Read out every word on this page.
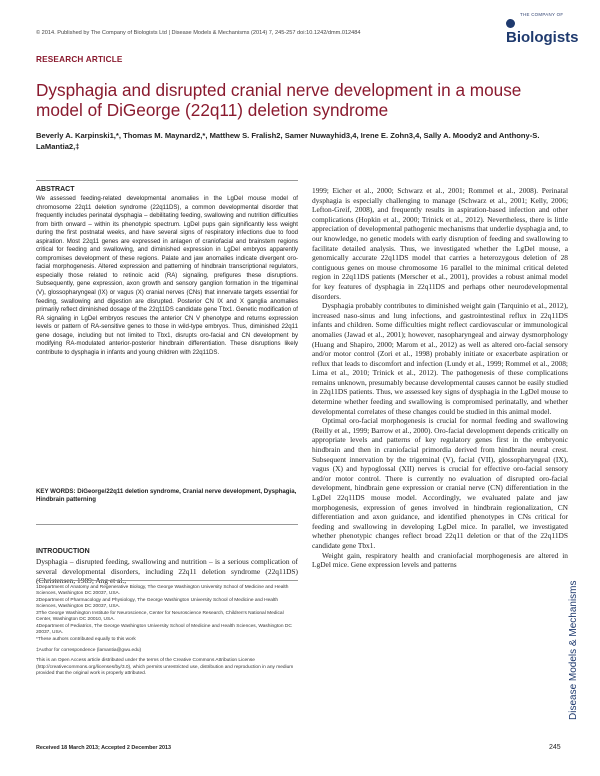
© 2014. Published by The Company of Biologists Ltd | Disease Models & Mechanisms (2014) 7, 245-257 doi:10.1242/dmm.012484
THE COMPANY OF
Biologists
RESEARCH ARTICLE
Dysphagia and disrupted cranial nerve development in a mouse model of DiGeorge (22q11) deletion syndrome
Beverly A. Karpinski1,*, Thomas M. Maynard2,*, Matthew S. Fralish2, Samer Nuwayhid3,4, Irene E. Zohn3,4, Sally A. Moody2 and Anthony-S. LaMantia2,‡
ABSTRACT
We assessed feeding-related developmental anomalies in the LgDel mouse model of chromosome 22q11 deletion syndrome (22q11DS), a common developmental disorder that frequently includes perinatal dysphagia – debilitating feeding, swallowing and nutrition difficulties from birth onward – within its phenotypic spectrum. LgDel pups gain significantly less weight during the first postnatal weeks, and have several signs of respiratory infections due to food aspiration. Most 22q11 genes are expressed in anlagen of craniofacial and brainstem regions critical for feeding and swallowing, and diminished expression in LgDel embryos apparently compromises development of these regions. Palate and jaw anomalies indicate divergent oro-facial morphogenesis. Altered expression and patterning of hindbrain transcriptional regulators, especially those related to retinoic acid (RA) signaling, prefigures these disruptions. Subsequently, gene expression, axon growth and sensory ganglion formation in the trigeminal (V), glossopharyngeal (IX) or vagus (X) cranial nerves (CNs) that innervate targets essential for feeding, swallowing and digestion are disrupted. Posterior CN IX and X ganglia anomalies primarily reflect diminished dosage of the 22q11DS candidate gene Tbx1. Genetic modification of RA signaling in LgDel embryos rescues the anterior CN V phenotype and returns expression levels or pattern of RA-sensitive genes to those in wild-type embryos. Thus, diminished 22q11 gene dosage, including but not limited to Tbx1, disrupts oro-facial and CN development by modifying RA-modulated anterior-posterior hindbrain differentiation. These disruptions likely contribute to dysphagia in infants and young children with 22q11DS.
KEY WORDS: DiGeorge/22q11 deletion syndrome, Cranial nerve development, Dysphagia, Hindbrain patterning
INTRODUCTION
Dysphagia – disrupted feeding, swallowing and nutrition – is a serious complication of several developmental disorders, including 22q11 deletion syndrome (22q11DS) (Christensen, 1989; Ang et al.,

1Department of Anatomy and Regenerative Biology, The George Washington University School of Medicine and Health Sciences, Washington DC 20037, USA.

2Department of Pharmacology and Physiology, The George Washington University School of Medicine and Health Sciences, Washington DC 20037, USA.

3The George Washington Institute for Neuroscience, Center for Neuroscience Research, Children's National Medical Center, Washington DC 20010, USA.

4Department of Pediatrics, The George Washington University School of Medicine and Health Sciences, Washington DC 20037, USA.

*These authors contributed equally to this work

‡Author for correspondence (lamantia@gwu.edu)

This is an Open Access article distributed under the terms of the Creative Commons Attribution License (http://creativecommons.org/licenses/by/3.0), which permits unrestricted use, distribution and reproduction in any medium provided that the original work is properly attributed.

Received 18 March 2013; Accepted 2 December 2013

1999; Eicher et al., 2000; Schwarz et al., 2001; Rommel et al., 2008). Perinatal dysphagia is especially challenging to manage (Schwarz et al., 2001; Kelly, 2006; Lefton-Greif, 2008), and frequently results in aspiration-based infection and other complications (Hopkin et al., 2000; Trinick et al., 2012). Nevertheless, there is little appreciation of developmental pathogenic mechanisms that underlie dysphagia and, to our knowledge, no genetic models with early disruption of feeding and swallowing to facilitate detailed analysis. Thus, we investigated whether the LgDel mouse, a genomically accurate 22q11DS model that carries a heterozygous deletion of 28 contiguous genes on mouse chromosome 16 parallel to the minimal critical deleted region in 22q11DS patients (Merscher et al., 2001), provides a robust animal model for key features of dysphagia in 22q11DS and perhaps other neurodevelopmental disorders.

Dysphagia probably contributes to diminished weight gain (Tarquinio et al., 2012), increased naso-sinus and lung infections, and gastrointestinal reflux in 22q11DS infants and children. Some difficulties might reflect cardiovascular or immunological anomalies (Jawad et al., 2001); however, nasopharyngeal and airway dysmorphology (Huang and Shapiro, 2000; Marom et al., 2012) as well as altered oro-facial sensory and/or motor control (Zori et al., 1998) probably initiate or exacerbate aspiration or reflux that leads to discomfort and infection (Lundy et al., 1999; Rommel et al., 2008; Lima et al., 2010; Trinick et al., 2012). The pathogenesis of these complications remains unknown, presumably because developmental causes cannot be easily studied in 22q11DS patients. Thus, we assessed key signs of dysphagia in the LgDel mouse to determine whether feeding and swallowing is compromised perinatally, and whether developmental correlates of these changes could be studied in this animal model.

Optimal oro-facial morphogenesis is crucial for normal feeding and swallowing (Reilly et al., 1999; Barrow et al., 2000). Oro-facial development depends critically on appropriate levels and patterns of key regulatory genes first in the embryonic hindbrain and then in craniofacial primordia derived from hindbrain neural crest. Subsequent innervation by the trigeminal (V), facial (VII), glossopharyngeal (IX), vagus (X) and hypoglossal (XII) nerves is crucial for effective oro-facial sensory and/or motor control. There is currently no evaluation of disrupted oro-facial development, hindbrain gene expression or cranial nerve (CN) differentiation in the LgDel 22q11DS mouse model. Accordingly, we evaluated palate and jaw morphogenesis, expression of genes involved in hindbrain regionalization, CN differentiation and axon guidance, and identified phenotypes in CNs critical for feeding and swallowing in developing LgDel mice. In parallel, we investigated whether phenotypic changes reflect broad 22q11 deletion or that of the 22q11DS candidate gene Tbx1.

Weight gain, respiratory health and craniofacial morphogenesis are altered in LgDel mice. Gene expression levels and patterns

Disease Models & Mechanisms
245
